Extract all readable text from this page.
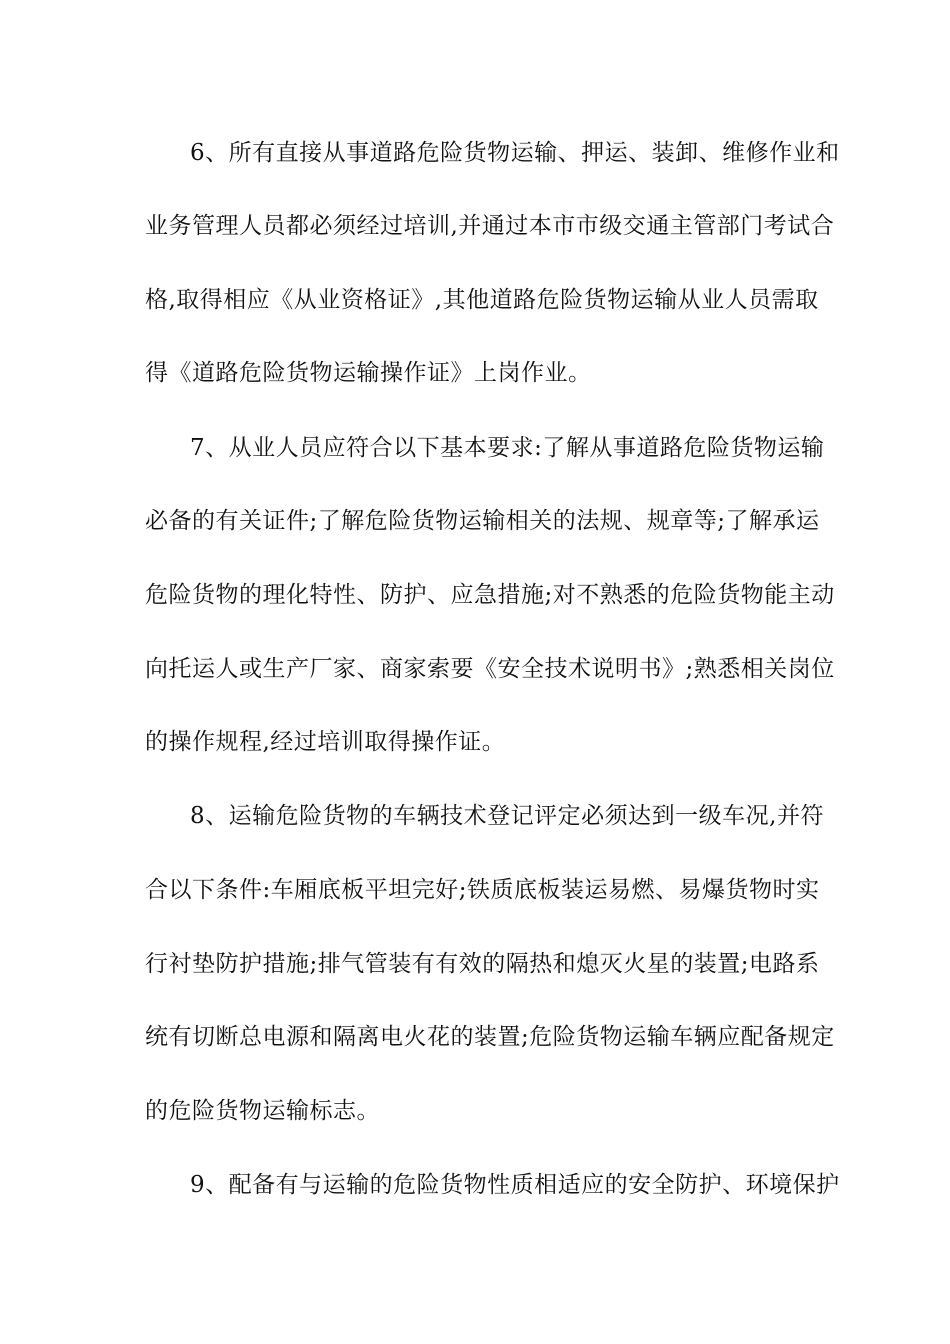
6、所有直接从事道路危险货物运输、押运、装卸、维修作业和
业务管理人员都必须经过培训,并通过本市市级交通主管部门考试合
格,取得相应《从业资格证》,其他道路危险货物运输从业人员需取
得《道路危险货物运输操作证》上岗作业。
7、从业人员应符合以下基本要求:了解从事道路危险货物运输
必备的有关证件;了解危险货物运输相关的法规、规章等;了解承运
危险货物的理化特性、防护、应急措施;对不熟悉的危险货物能主动
向托运人或生产厂家、商家索要《安全技术说明书》;熟悉相关岗位
的操作规程,经过培训取得操作证。
8、运输危险货物的车辆技术登记评定必须达到一级车况,并符
合以下条件:车厢底板平坦完好;铁质底板装运易燃、易爆货物时实
行衬垫防护措施;排气管装有有效的隔热和熄灭火星的装置;电路系
统有切断总电源和隔离电火花的装置;危险货物运输车辆应配备规定
的危险货物运输标志。
9、配备有与运输的危险货物性质相适应的安全防护、环境保护
